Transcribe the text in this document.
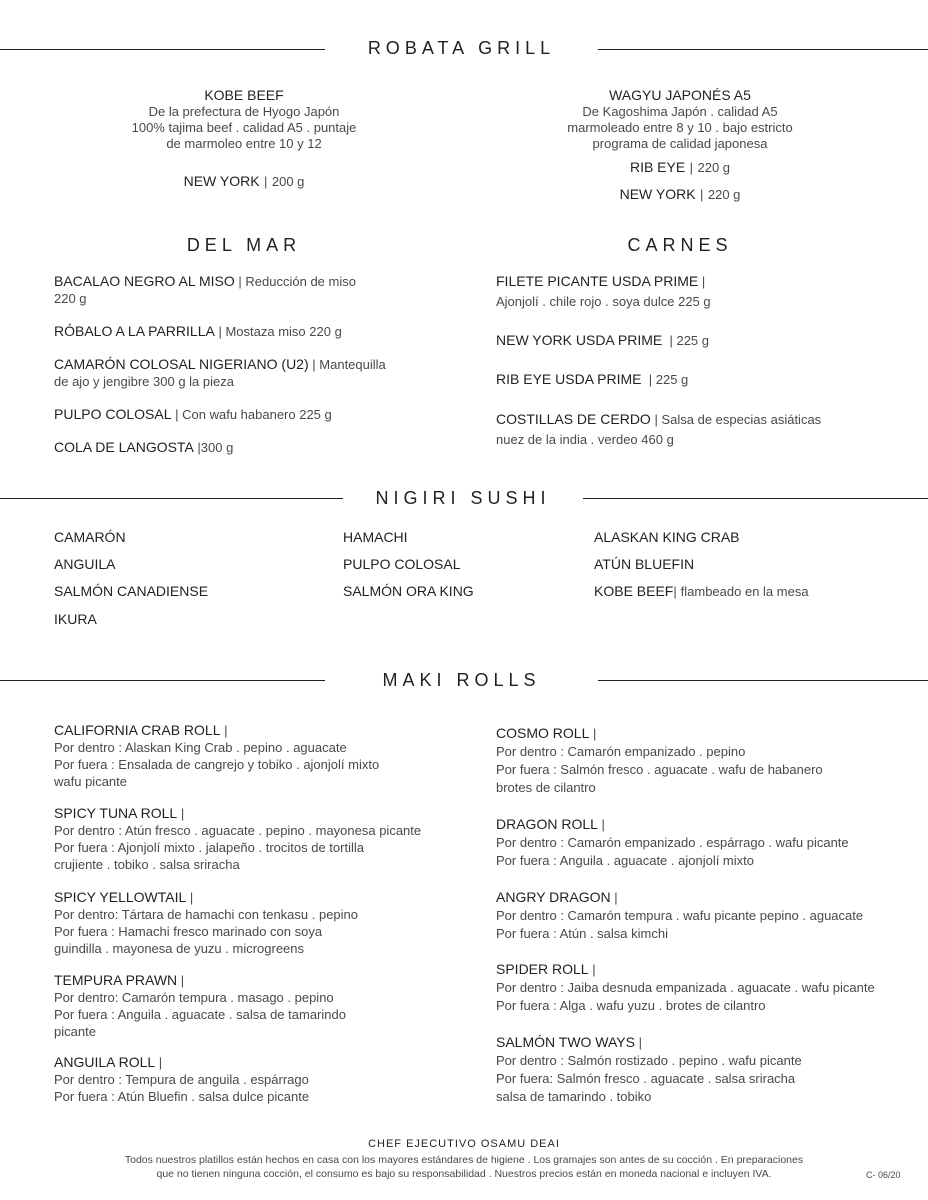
ROBATA GRILL
KOBE BEEF
De la prefectura de Hyogo Japón
100% tajima beef . calidad A5 . puntaje
de marmoleo entre 10 y 12
NEW YORK | 200 g
WAGYU JAPONÉS A5
De Kagoshima Japón . calidad A5
marmoleado entre 8 y 10 . bajo estricto
programa de calidad japonesa
RIB EYE | 220 g
NEW YORK | 220 g
DEL MAR	CARNES
BACALAO NEGRO AL MISO | Reducción de miso
220 g
RÓBALO A LA PARRILLA | Mostaza miso 220 g
CAMARÓN COLOSAL NIGERIANO (U2) | Mantequilla
de ajo y jengibre 300 g la pieza
PULPO COLOSAL | Con wafu habanero 225 g
COLA DE LANGOSTA |300 g
FILETE PICANTE USDA PRIME |
Ajonjolí . chile rojo . soya dulce 225 g
NEW YORK USDA PRIME | 225 g
RIB EYE USDA PRIME | 225 g
COSTILLAS DE CERDO | Salsa de especias asiáticas
nuez de la india . verdeo 460 g
NIGIRI SUSHI
CAMARÓN
ANGUILA
SALMÓN CANADIENSE
IKURA
HAMACHI
PULPO COLOSAL
SALMÓN ORA KING
ALASKAN KING CRAB
ATÚN BLUEFIN
KOBE BEEF| flambeado en la mesa
MAKI ROLLS
CALIFORNIA CRAB ROLL |
Por dentro : Alaskan King Crab . pepino . aguacate
Por fuera : Ensalada de cangrejo y tobiko . ajonjolí mixto
wafu picante
SPICY TUNA ROLL |
Por dentro : Atún fresco . aguacate . pepino . mayonesa picante
Por fuera : Ajonjolí mixto . jalapeño . trocitos de tortilla
crujiente . tobiko . salsa sriracha
SPICY YELLOWTAIL |
Por dentro: Tártara de hamachi con tenkasu . pepino
Por fuera : Hamachi fresco marinado con soya
guindilla . mayonesa de yuzu . microgreens
TEMPURA PRAWN |
Por dentro: Camarón tempura . masago . pepino
Por fuera : Anguila . aguacate . salsa de tamarindo
picante
ANGUILA ROLL |
Por dentro : Tempura de anguila . espárrago
Por fuera : Atún Bluefin . salsa dulce picante
COSMO ROLL |
Por dentro : Camarón empanizado . pepino
Por fuera : Salmón fresco . aguacate . wafu de habanero
brotes de cilantro
DRAGON ROLL |
Por dentro : Camarón empanizado . espárrago . wafu picante
Por fuera : Anguila . aguacate . ajonjolí mixto
ANGRY DRAGON |
Por dentro : Camarón tempura . wafu picante pepino . aguacate
Por fuera : Atún . salsa kimchi
SPIDER ROLL |
Por dentro : Jaiba desnuda empanizada . aguacate . wafu picante
Por fuera : Alga . wafu yuzu . brotes de cilantro
SALMÓN TWO WAYS |
Por dentro : Salmón rostizado . pepino . wafu picante
Por fuera: Salmón fresco . aguacate . salsa sriracha
salsa de tamarindo . tobiko
CHEF EJECUTIVO OSAMU DEAI
Todos nuestros platillos están hechos en casa con los mayores estándares de higiene . Los gramajes son antes de su cocción . En preparaciones
que no tienen ninguna cocción, el consumo es bajo su responsabilidad . Nuestros precios están en moneda nacional e incluyen IVA.	C- 06/20
